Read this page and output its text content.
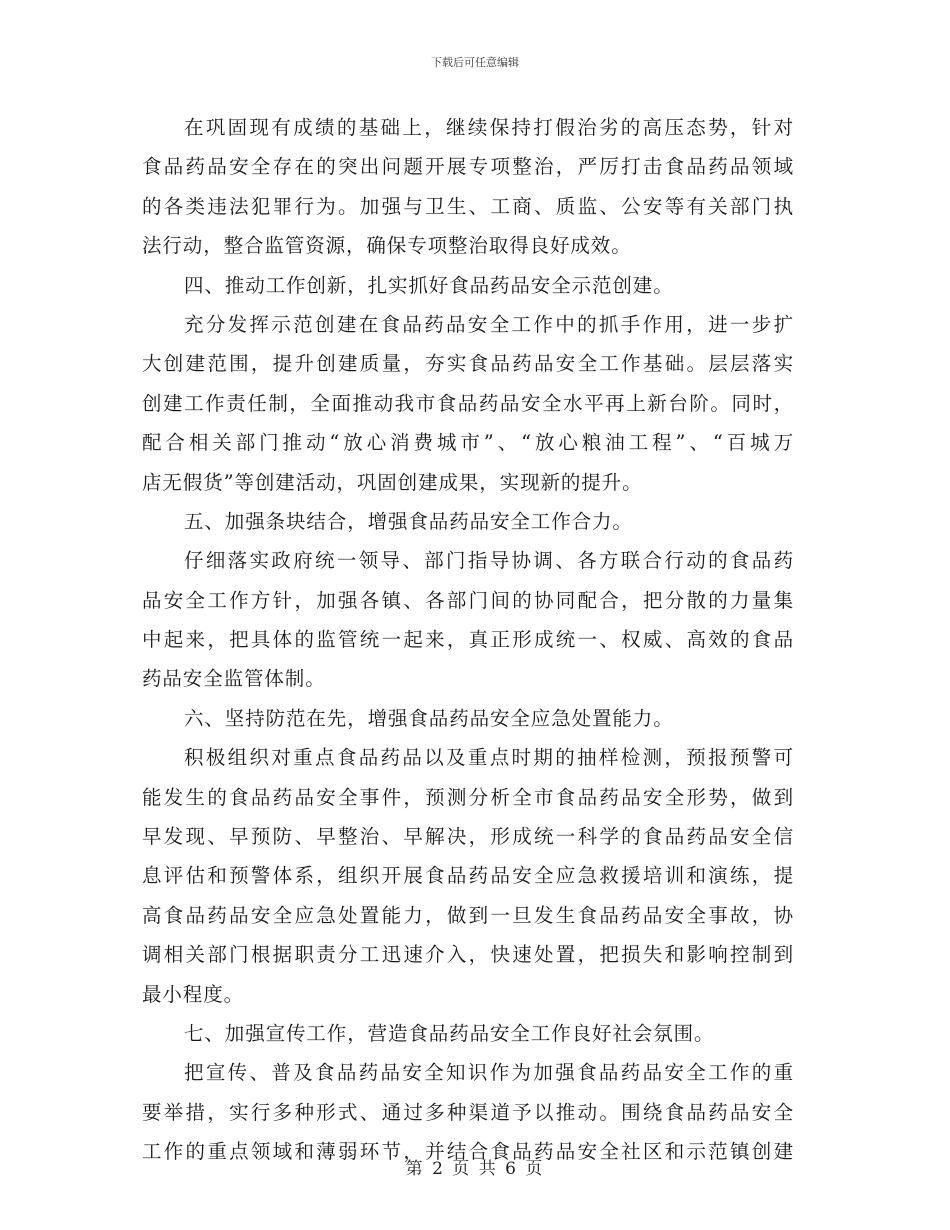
下载后可任意编辑
在巩固现有成绩的基础上，继续保持打假治劣的高压态势，针对
食品药品安全存在的突出问题开展专项整治，严厉打击食品药品领域
的各类违法犯罪行为。加强与卫生、工商、质监、公安等有关部门执
法行动，整合监管资源，确保专项整治取得良好成效。
四、推动工作创新，扎实抓好食品药品安全示范创建。
充分发挥示范创建在食品药品安全工作中的抓手作用，进一步扩
大创建范围，提升创建质量，夯实食品药品安全工作基础。层层落实
创建工作责任制，全面推动我市食品药品安全水平再上新台阶。同时，
配合相关部门推动“放心消费城市”、“放心粮油工程”、“百城万
店无假货”等创建活动，巩固创建成果，实现新的提升。
五、加强条块结合，增强食品药品安全工作合力。
仔细落实政府统一领导、部门指导协调、各方联合行动的食品药
品安全工作方针，加强各镇、各部门间的协同配合，把分散的力量集
中起来，把具体的监管统一起来，真正形成统一、权威、高效的食品
药品安全监管体制。
六、坚持防范在先，增强食品药品安全应急处置能力。
积极组织对重点食品药品以及重点时期的抽样检测，预报预警可
能发生的食品药品安全事件，预测分析全市食品药品安全形势，做到
早发现、早预防、早整治、早解决，形成统一科学的食品药品安全信
息评估和预警体系，组织开展食品药品安全应急救援培训和演练，提
高食品药品安全应急处置能力，做到一旦发生食品药品安全事故，协
调相关部门根据职责分工迅速介入，快速处置，把损失和影响控制到
最小程度。
七、加强宣传工作，营造食品药品安全工作良好社会氛围。
把宣传、普及食品药品安全知识作为加强食品药品安全工作的重
要举措，实行多种形式、通过多种渠道予以推动。围绕食品药品安全
工作的重点领域和薄弱环节，并结合食品药品安全社区和示范镇创建
第 2 页 共 6 页
